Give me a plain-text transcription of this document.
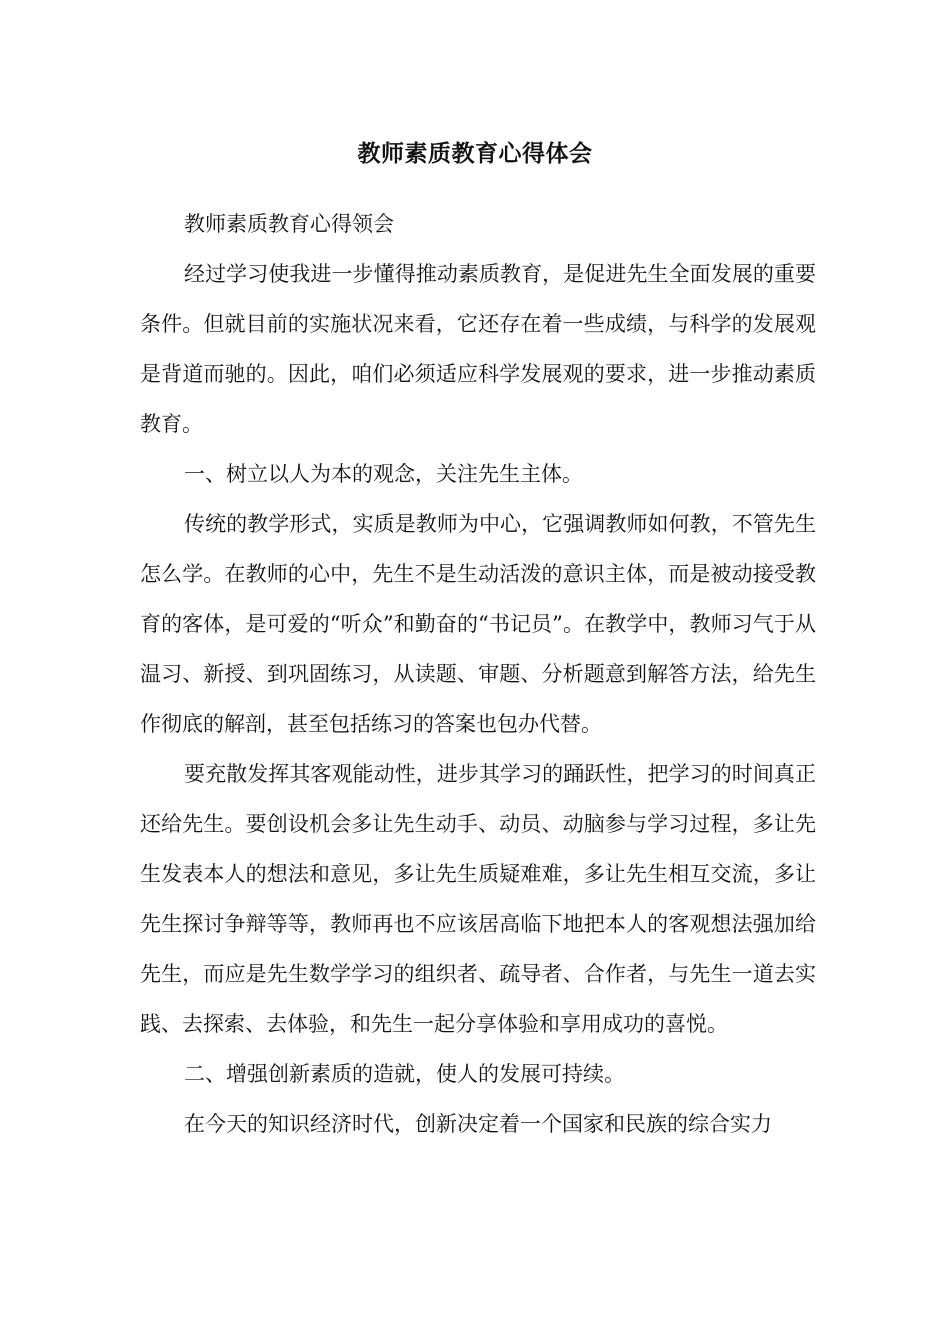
教师素质教育心得体会

教师素质教育心得领会

经过学习使我进一步懂得推动素质教育，是促进先生全面发展的重要条件。但就目前的实施状况来看，它还存在着一些成绩，与科学的发展观是背道而驰的。因此，咱们必须适应科学发展观的要求，进一步推动素质教育。

一、树立以人为本的观念，关注先生主体。

传统的教学形式，实质是教师为中心，它强调教师如何教，不管先生怎么学。在教师的心中，先生不是生动活泼的意识主体，而是被动接受教育的客体，是可爱的“听众”和勤奋的“书记员”。在教学中，教师习气于从温习、新授、到巩固练习，从读题、审题、分析题意到解答方法，给先生作彻底的解剖，甚至包括练习的答案也包办代替。

要充散发挥其客观能动性，进步其学习的踊跃性，把学习的时间真正还给先生。要创设机会多让先生动手、动员、动脑参与学习过程，多让先生发表本人的想法和意见，多让先生质疑难难，多让先生相互交流，多让先生探讨争辩等等，教师再也不应该居高临下地把本人的客观想法强加给先生，而应是先生数学学习的组织者、疏导者、合作者，与先生一道去实践、去探索、去体验，和先生一起分享体验和享用成功的喜悦。

二、增强创新素质的造就，使人的发展可持续。

在今天的知识经济时代，创新决定着一个国家和民族的综合实力
